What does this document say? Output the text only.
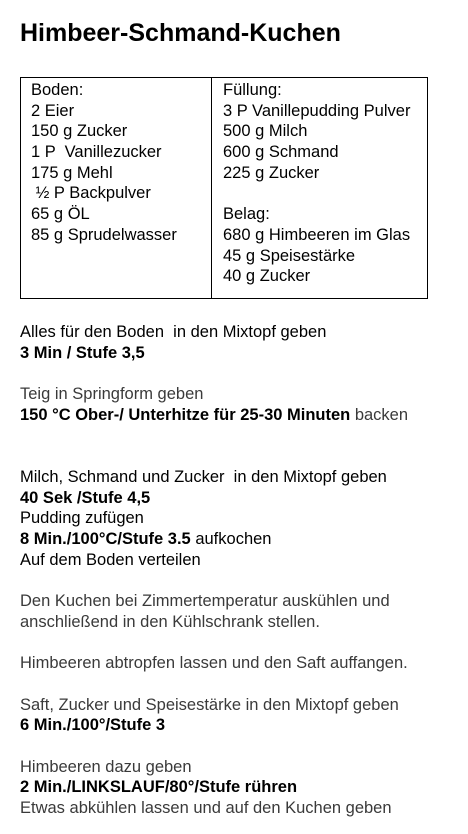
Himbeer-Schmand-Kuchen
Boden:
2 Eier
150 g Zucker
1 P  Vanillezucker
175 g Mehl
½ P Backpulver
65 g ÖL
85 g Sprudelwasser
Füllung:
3 P Vanillepudding Pulver
500 g Milch
600 g Schmand
225 g Zucker
Belag:
680 g Himbeeren im Glas
45 g Speisestärke
40 g Zucker
Alles für den Boden  in den Mixtopf geben
3 Min / Stufe 3,5
Teig in Springform geben
150 °C Ober-/ Unterhitze für 25-30 Minuten backen
Milch, Schmand und Zucker  in den Mixtopf geben
40 Sek /Stufe 4,5
Pudding zufügen
8 Min./100°C/Stufe 3.5 aufkochen
Auf dem Boden verteilen
Den Kuchen bei Zimmertemperatur auskühlen und
anschließend in den Kühlschrank stellen.
Himbeeren abtropfen lassen und den Saft auffangen.
Saft, Zucker und Speisestärke in den Mixtopf geben
6 Min./100°/Stufe 3
Himbeeren dazu geben
2 Min./LINKSLAUF/80°/Stufe rühren
Etwas abkühlen lassen und auf den Kuchen geben
